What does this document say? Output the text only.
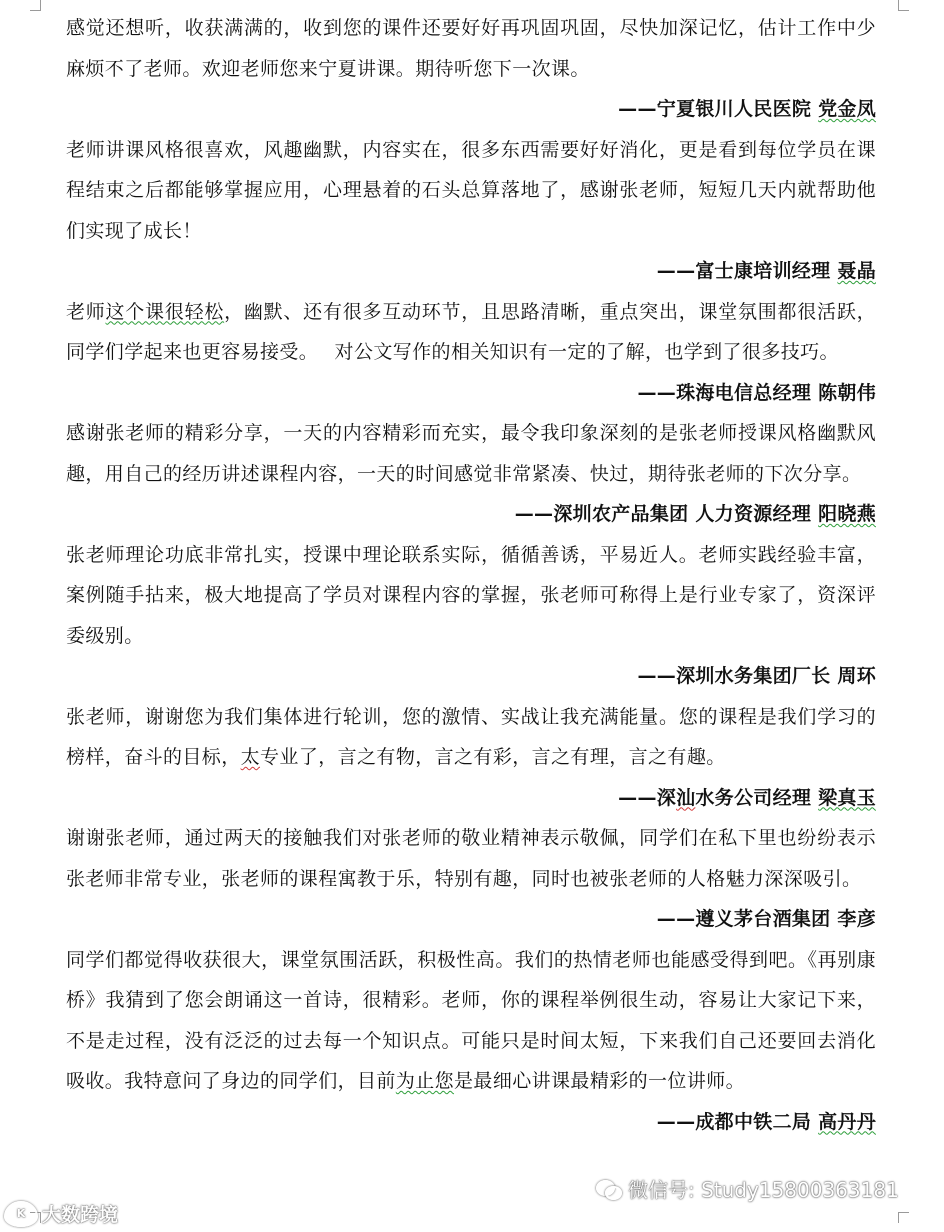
感觉还想听，收获满满的，收到您的课件还要好好再巩固巩固，尽快加深记忆，估计工作中少麻烦不了老师。欢迎老师您来宁夏讲课。期待听您下一次课。

——宁夏银川人民医院 党金凤

老师讲课风格很喜欢，风趣幽默，内容实在，很多东西需要好好消化，更是看到每位学员在课程结束之后都能够掌握应用，心理悬着的石头总算落地了，感谢张老师，短短几天内就帮助他们实现了成长！

——富士康培训经理 聂晶

老师这个课很轻松，幽默、还有很多互动环节，且思路清晰，重点突出，课堂氛围都很活跃，同学们学起来也更容易接受。　 对公文写作的相关知识有一定的了解，也学到了很多技巧。

——珠海电信总经理 陈朝伟

感谢张老师的精彩分享，一天的内容精彩而充实，最令我印象深刻的是张老师授课风格幽默风趣，用自己的经历讲述课程内容，一天的时间感觉非常紧凑、快过，期待张老师的下次分享。

——深圳农产品集团 人力资源经理 阳晓燕

张老师理论功底非常扎实，授课中理论联系实际，循循善诱，平易近人。老师实践经验丰富，案例随手拈来，极大地提高了学员对课程内容的掌握，张老师可称得上是行业专家了，资深评委级别。

——深圳水务集团厂长 周环

张老师，谢谢您为我们集体进行轮训，您的激情、实战让我充满能量。您的课程是我们学习的榜样，奋斗的目标，太专业了，言之有物，言之有彩，言之有理，言之有趣。

——深汕水务公司经理 梁真玉

谢谢张老师，通过两天的接触我们对张老师的敬业精神表示敬佩，同学们在私下里也纷纷表示张老师非常专业，张老师的课程寓教于乐，特别有趣，同时也被张老师的人格魅力深深吸引。

——遵义茅台酒集团 李彦

同学们都觉得收获很大，课堂氛围活跃，积极性高。我们的热情老师也能感受得到吧。《再别康桥》我猜到了您会朗诵这一首诗，很精彩。老师，你的课程举例很生动，容易让大家记下来，不是走过程，没有泛泛的过去每一个知识点。可能只是时间太短，下来我们自己还要回去消化吸收。我特意问了身边的同学们，目前为止您是最细心讲课最精彩的一位讲师。

——成都中铁二局 高丹丹

K 大数跨境
微信号: Study15800363181
